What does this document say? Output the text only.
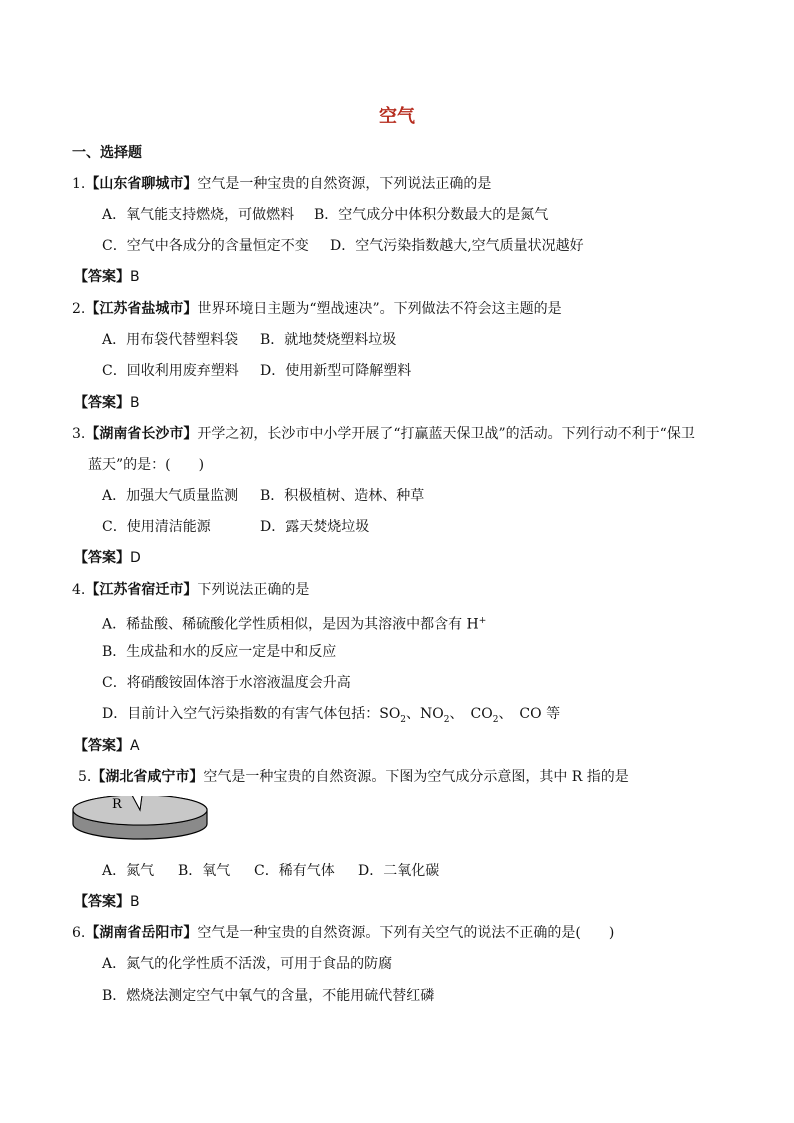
空气
一、选择题
1.【山东省聊城市】空气是一种宝贵的自然资源，下列说法正确的是
A．氧气能支持燃烧，可做燃料 B．空气成分中体积分数最大的是氮气
C．空气中各成分的含量恒定不变 D．空气污染指数越大,空气质量状况越好
【答案】B
2.【江苏省盐城市】世界环境日主题为“塑战速决”。下列做法不符会这主题的是
A．用布袋代替塑料袋 B．就地焚烧塑料垃圾
C．回收利用废弃塑料 D．使用新型可降解塑料
【答案】B
3.【湖南省长沙市】开学之初，长沙市中小学开展了“打赢蓝天保卫战”的活动。下列行动不利于“保卫
蓝天”的是：(　　)
A．加强大气质量监测 B．积极植树、造林、种草
C．使用清洁能源	D．露天焚烧垃圾
【答案】D
4.【江苏省宿迁市】下列说法正确的是
A．稀盐酸、稀硫酸化学性质相似，是因为其溶液中都含有 H+
B．生成盐和水的反应一定是中和反应
C．将硝酸铵固体溶于水溶液温度会升高
D．目前计入空气污染指数的有害气体包括：$SO_2$、$NO_2$、　$CO_2$、　CO 等
【答案】A
5.【湖北省咸宁市】空气是一种宝贵的自然资源。下图为空气成分示意图，其中 R 指的是
R
A．氮气 B．氧气 C．稀有气体 D．二氧化碳
【答案】B
6.【湖南省岳阳市】空气是一种宝贵的自然资源。下列有关空气的说法不正确的是(　　)
A．氮气的化学性质不活泼，可用于食品的防腐
B．燃烧法测定空气中氧气的含量，不能用硫代替红磷
